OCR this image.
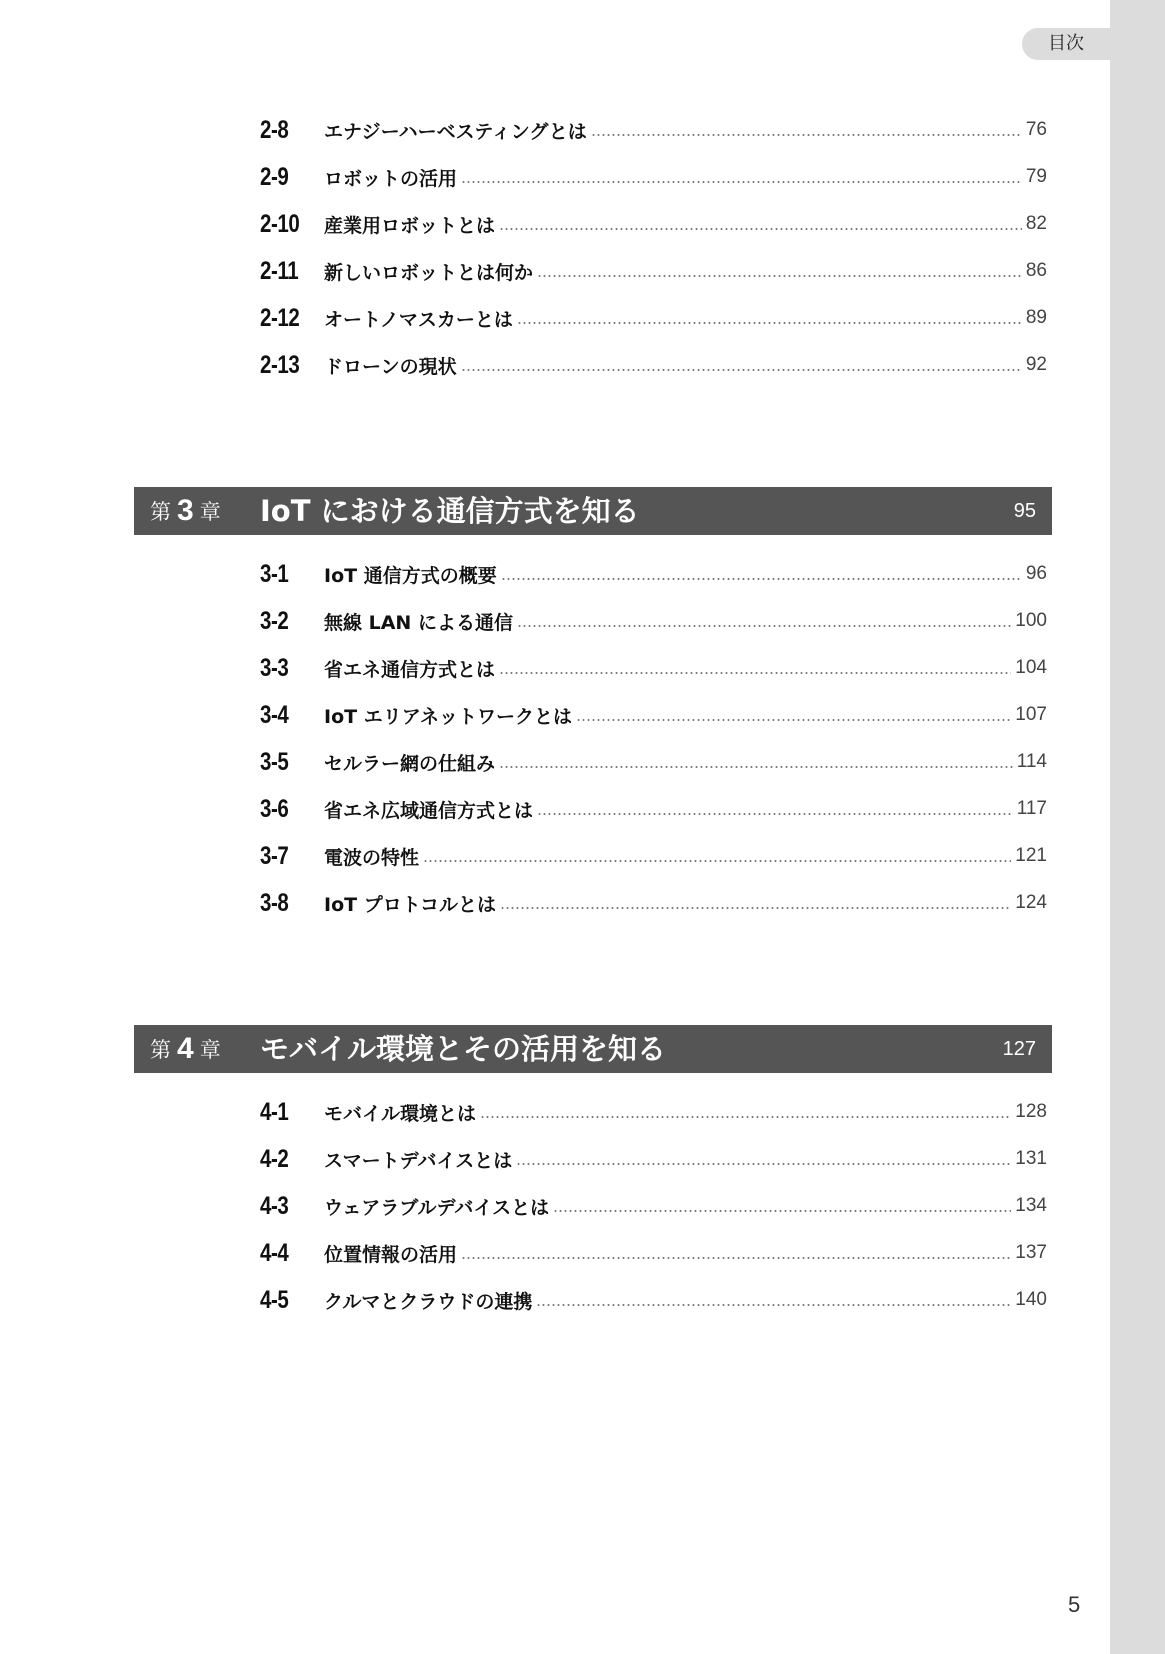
目次
2-8	エナジーハーベスティングとは	76
2-9	ロボットの活用	79
2-10	産業用ロボットとは	82
2-11	新しいロボットとは何か	86
2-12	オートノマスカーとは	89
2-13	ドローンの現状	92
第 3 章 IoT における通信方式を知る	95
3-1	IoT 通信方式の概要	96
3-2	無線 LAN による通信	100
3-3	省エネ通信方式とは	104
3-4	IoT エリアネットワークとは	107
3-5	セルラー網の仕組み	114
3-6	省エネ広域通信方式とは	117
3-7	電波の特性	121
3-8	IoT プロトコルとは	124
第 4 章 モバイル環境とその活用を知る	127
4-1	モバイル環境とは	128
4-2	スマートデバイスとは	131
4-3	ウェアラブルデバイスとは	134
4-4	位置情報の活用	137
4-5	クルマとクラウドの連携	140
5
